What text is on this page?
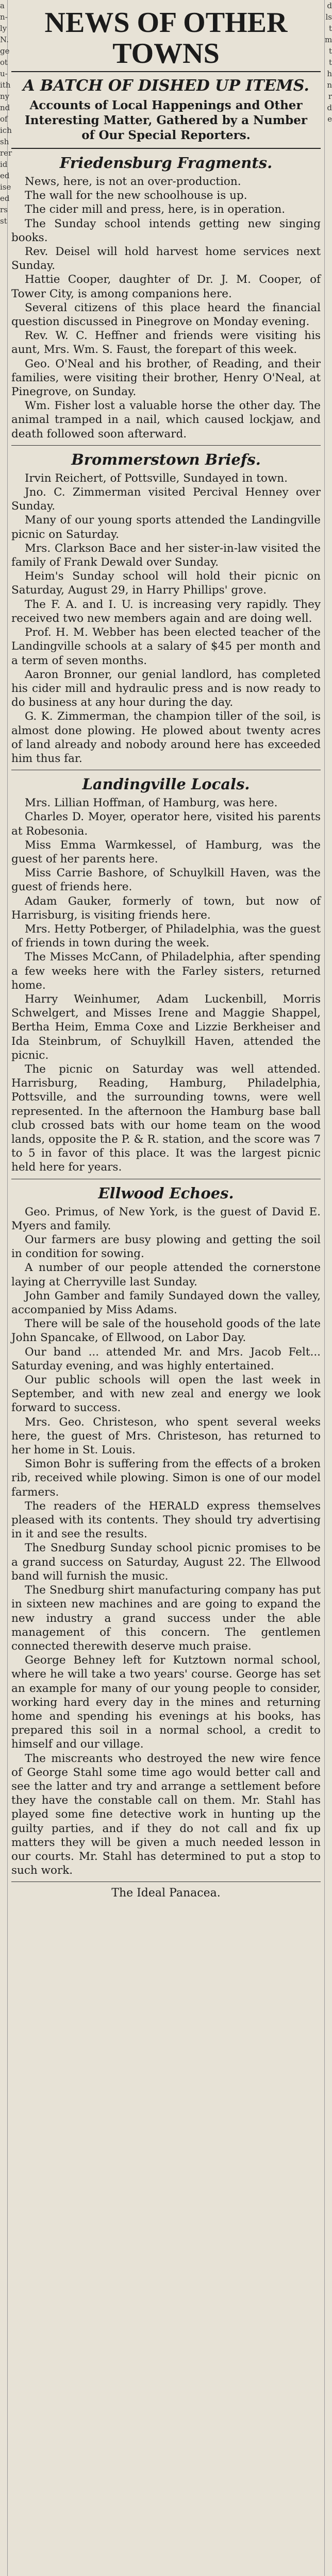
a
n-
ly
N.
ge
ot
u-
ith
ny
nd
of
ich
sh
rer
id
ed
ise
ed
rs
st
d
ls
t
m
t
t
h
n
r
d
e
NEWS OF OTHER TOWNS
A BATCH OF DISHED UP ITEMS.
Accounts of Local Happenings and Other Interesting Matter, Gathered by a Number of Our Special Reporters.
Friedensburg Fragments.

News, here, is not an over-production.

The wall for the new schoolhouse is up.

The cider mill and press, here, is in operation.

The Sunday school intends getting new singing books.

Rev. Deisel will hold harvest home services next Sunday.

Hattie Cooper, daughter of Dr. J. M. Cooper, of Tower City, is among companions here.

Several citizens of this place heard the financial question discussed in Pinegrove on Monday evening.

Rev. W. C. Heffner and friends were visiting his aunt, Mrs. Wm. S. Faust, the forepart of this week.

Geo. O'Neal and his brother, of Reading, and their families, were visiting their brother, Henry O'Neal, at Pinegrove, on Sunday.

Wm. Fisher lost a valuable horse the other day. The animal tramped in a nail, which caused lockjaw, and death followed soon afterward.

Brommerstown Briefs.

Irvin Reichert, of Pottsville, Sundayed in town.

Jno. C. Zimmerman visited Percival Henney over Sunday.

Many of our young sports attended the Landingville picnic on Saturday.

Mrs. Clarkson Bace and her sister-in-law visited the family of Frank Dewald over Sunday.

Heim's Sunday school will hold their picnic on Saturday, August 29, in Harry Phillips' grove.

The F. A. and I. U. is increasing very rapidly. They received two new members again and are doing well.

Prof. H. M. Webber has been elected teacher of the Landingville schools at a salary of $45 per month and a term of seven months.

Aaron Bronner, our genial landlord, has completed his cider mill and hydraulic press and is now ready to do business at any hour during the day.

G. K. Zimmerman, the champion tiller of the soil, is almost done plowing. He plowed about twenty acres of land already and nobody around here has exceeded him thus far.

Landingville Locals.

Mrs. Lillian Hoffman, of Hamburg, was here.

Charles D. Moyer, operator here, visited his parents at Robesonia.

Miss Emma Warmkessel, of Hamburg, was the guest of her parents here.

Miss Carrie Bashore, of Schuylkill Haven, was the guest of friends here.

Adam Gauker, formerly of town, but now of Harrisburg, is visiting friends here.

Mrs. Hetty Potberger, of Philadelphia, was the guest of friends in town during the week.

The Misses McCann, of Philadelphia, after spending a few weeks here with the Farley sisters, returned home.

Harry Weinhumer, Adam Luckenbill, Morris Schwelgert, and Misses Irene and Maggie Shappel, Bertha Heim, Emma Coxe and Lizzie Berkheiser and Ida Steinbrum, of Schuylkill Haven, attended the picnic.

The picnic on Saturday was well attended. Harrisburg, Reading, Hamburg, Philadelphia, Pottsville, and the surrounding towns, were well represented. In the afternoon the Hamburg base ball club crossed bats with our home team on the wood lands, opposite the P. & R. station, and the score was 7 to 5 in favor of this place. It was the largest picnic held here for years.

Ellwood Echoes.

Geo. Primus, of New York, is the guest of David E. Myers and family.

Our farmers are busy plowing and getting the soil in condition for sowing.

A number of our people attended the cornerstone laying at Cherryville last Sunday.

John Gamber and family Sundayed down the valley, accompanied by Miss Adams.

There will be sale of the household goods of the late John Spancake, of Ellwood, on Labor Day.

Our band ... attended Mr. and Mrs. Jacob Felt... Saturday evening, and was highly entertained.

Our public schools will open the last week in September, and with new zeal and energy we look forward to success.

Mrs. Geo. Christeson, who spent several weeks here, the guest of Mrs. Christeson, has returned to her home in St. Louis.

Simon Bohr is suffering from the effects of a broken rib, received while plowing. Simon is one of our model farmers.

The readers of the HERALD express themselves pleased with its contents. They should try advertising in it and see the results.

The Snedburg Sunday school picnic promises to be a grand success on Saturday, August 22. The Ellwood band will furnish the music.

The Snedburg shirt manufacturing company has put in sixteen new machines and are going to expand the new industry a grand success under the able management of this concern. The gentlemen connected therewith deserve much praise.

George Behney left for Kutztown normal school, where he will take a two years' course. George has set an example for many of our young people to consider, working hard every day in the mines and returning home and spending his evenings at his books, has prepared this soil in a normal school, a credit to himself and our village.

The miscreants who destroyed the new wire fence of George Stahl some time ago would better call and see the latter and try and arrange a settlement before they have the constable call on them. Mr. Stahl has played some fine detective work in hunting up the guilty parties, and if they do not call and fix up matters they will be given a much needed lesson in our courts. Mr. Stahl has determined to put a stop to such work.

The Ideal Panacea.
